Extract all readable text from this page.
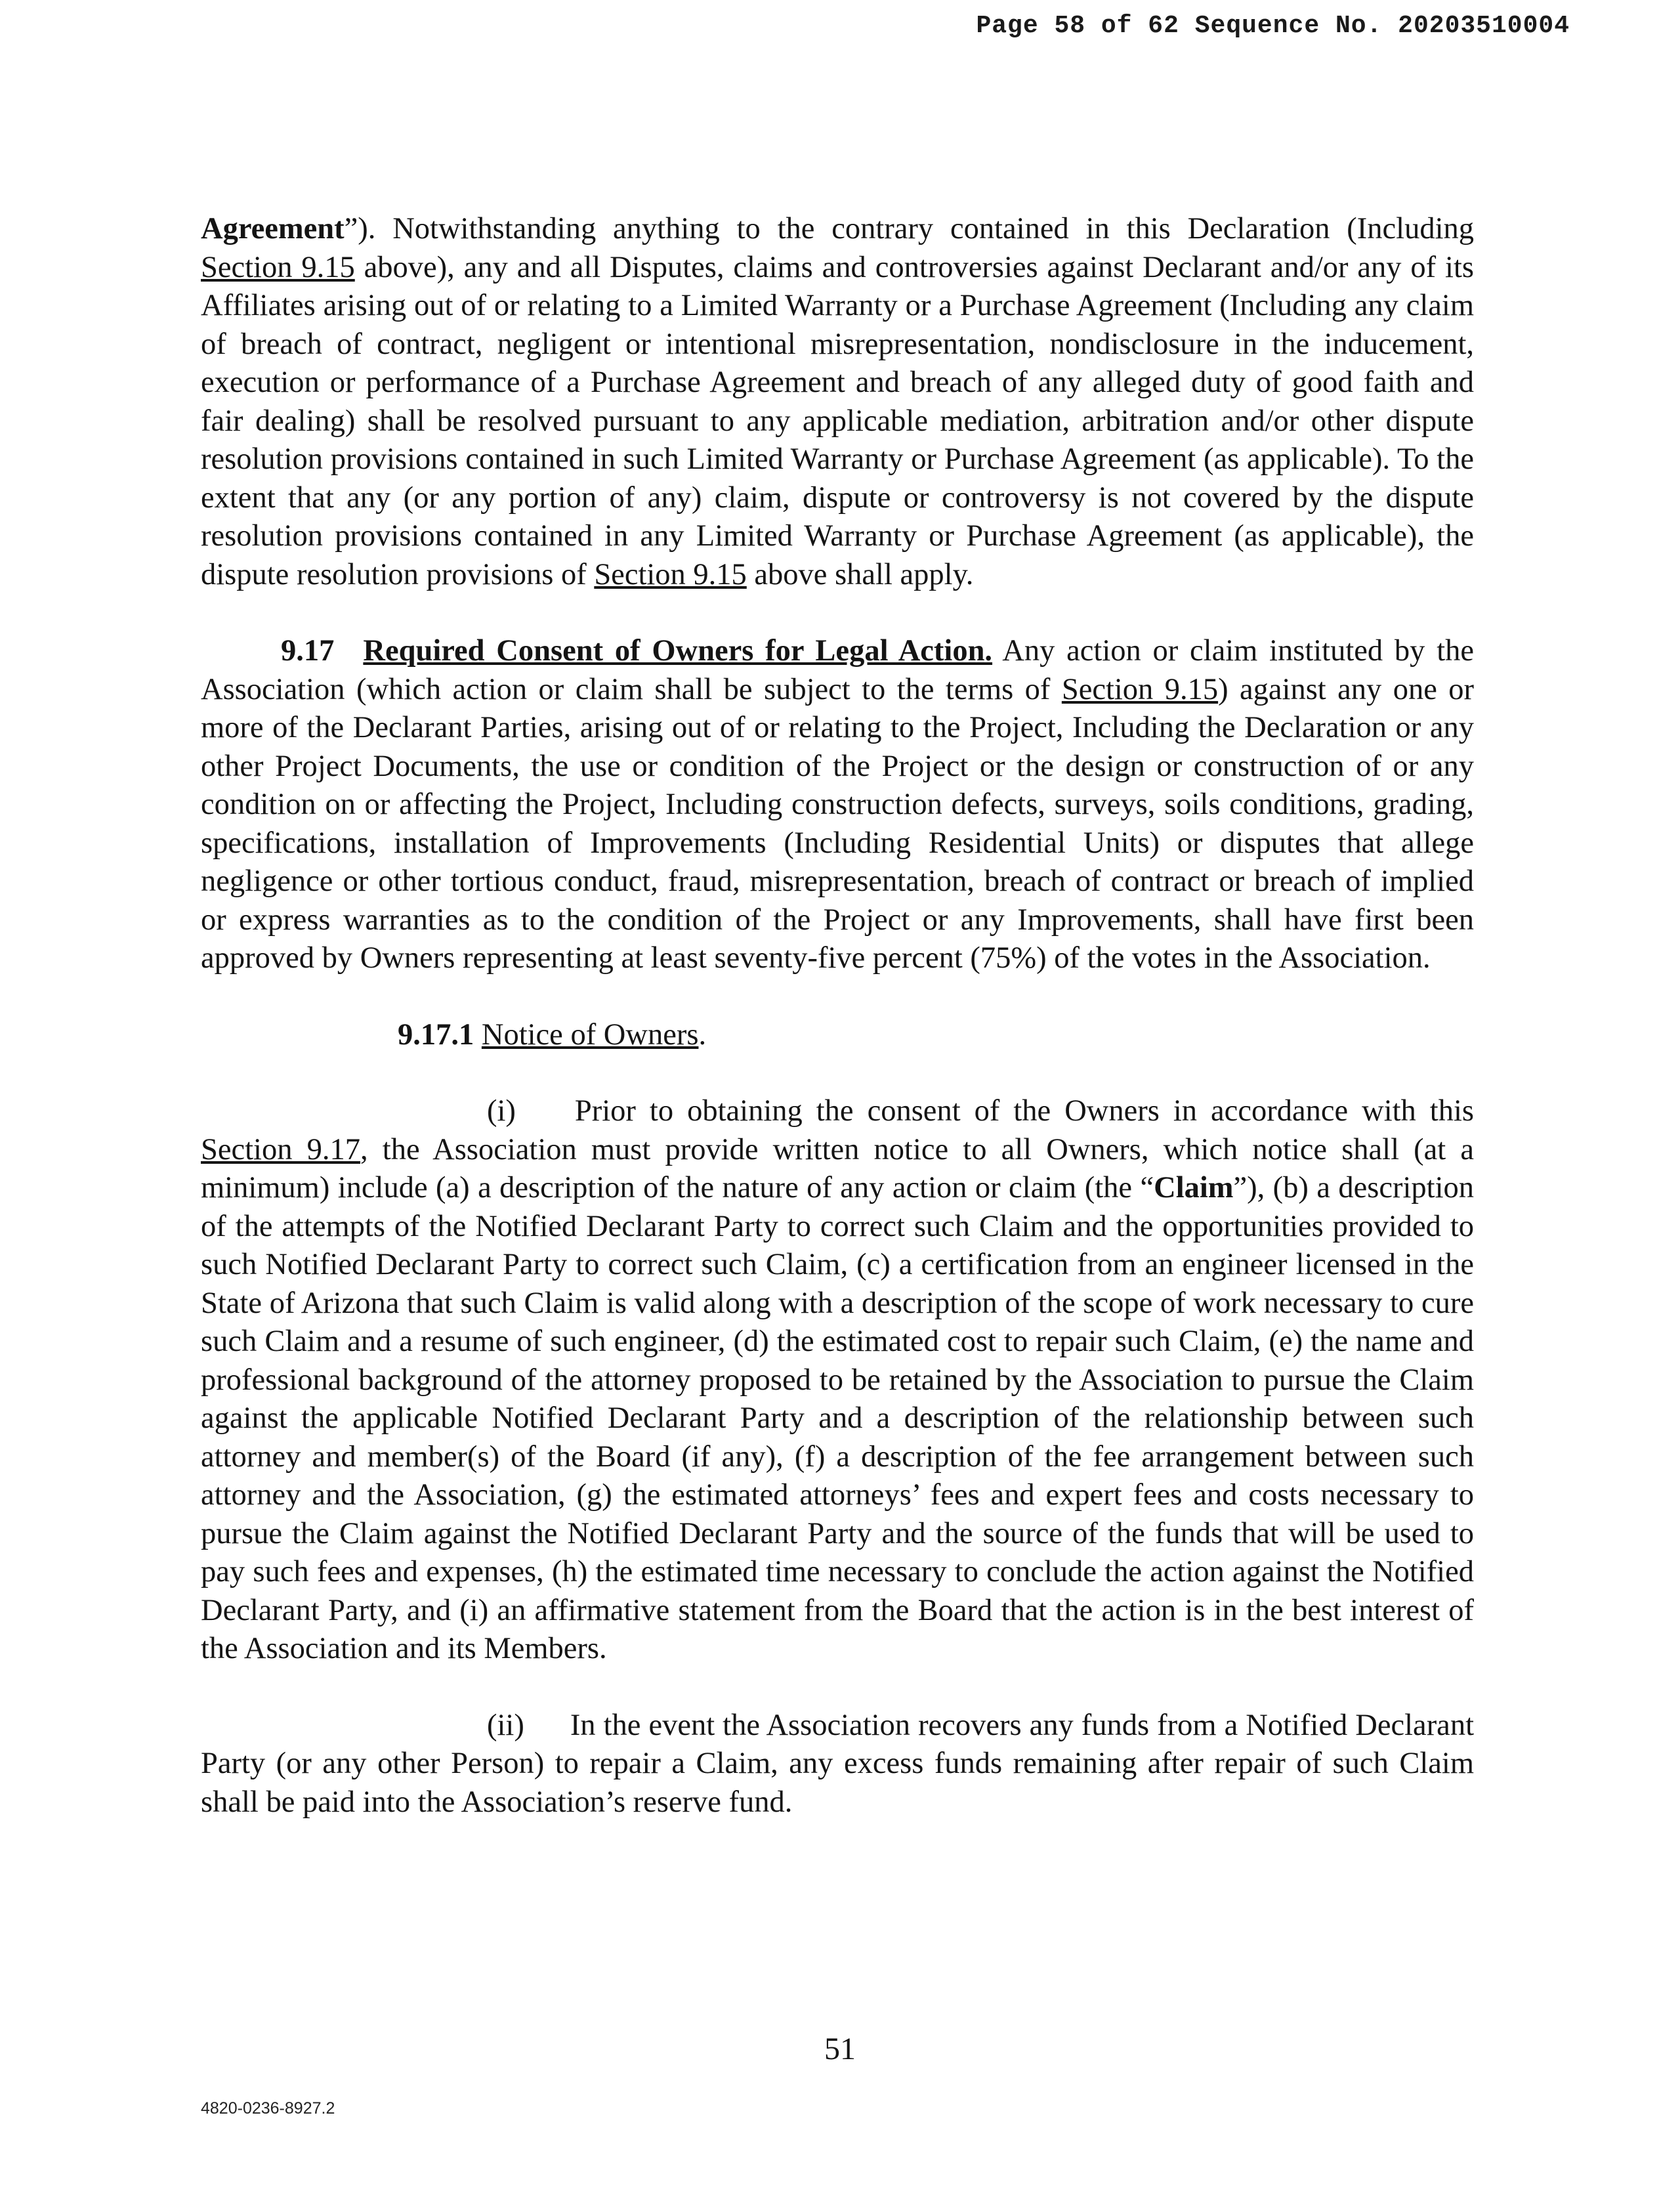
Page 58 of 62 Sequence No. 20203510004

Agreement”). Notwithstanding anything to the contrary contained in this Declaration (Including Section 9.15 above), any and all Disputes, claims and controversies against Declarant and/or any of its Affiliates arising out of or relating to a Limited Warranty or a Purchase Agreement (Including any claim of breach of contract, negligent or intentional misrepresentation, nondisclosure in the inducement, execution or performance of a Purchase Agreement and breach of any alleged duty of good faith and fair dealing) shall be resolved pursuant to any applicable mediation, arbitration and/or other dispute resolution provisions contained in such Limited Warranty or Purchase Agreement (as applicable). To the extent that any (or any portion of any) claim, dispute or controversy is not covered by the dispute resolution provisions contained in any Limited Warranty or Purchase Agreement (as applicable), the dispute resolution provisions of Section 9.15 above shall apply.

9.17 Required Consent of Owners for Legal Action. Any action or claim instituted by the Association (which action or claim shall be subject to the terms of Section 9.15) against any one or more of the Declarant Parties, arising out of or relating to the Project, Including the Declaration or any other Project Documents, the use or condition of the Project or the design or construction of or any condition on or affecting the Project, Including construction defects, surveys, soils conditions, grading, specifications, installation of Improvements (Including Residential Units) or disputes that allege negligence or other tortious conduct, fraud, misrepresentation, breach of contract or breach of implied or express warranties as to the condition of the Project or any Improvements, shall have first been approved by Owners representing at least seventy-five percent (75%) of the votes in the Association.

9.17.1 Notice of Owners.

(i) Prior to obtaining the consent of the Owners in accordance with this Section 9.17, the Association must provide written notice to all Owners, which notice shall (at a minimum) include (a) a description of the nature of any action or claim (the “Claim”), (b) a description of the attempts of the Notified Declarant Party to correct such Claim and the opportunities provided to such Notified Declarant Party to correct such Claim, (c) a certification from an engineer licensed in the State of Arizona that such Claim is valid along with a description of the scope of work necessary to cure such Claim and a resume of such engineer, (d) the estimated cost to repair such Claim, (e) the name and professional background of the attorney proposed to be retained by the Association to pursue the Claim against the applicable Notified Declarant Party and a description of the relationship between such attorney and member(s) of the Board (if any), (f) a description of the fee arrangement between such attorney and the Association, (g) the estimated attorneys’ fees and expert fees and costs necessary to pursue the Claim against the Notified Declarant Party and the source of the funds that will be used to pay such fees and expenses, (h) the estimated time necessary to conclude the action against the Notified Declarant Party, and (i) an affirmative statement from the Board that the action is in the best interest of the Association and its Members.

(ii) In the event the Association recovers any funds from a Notified Declarant Party (or any other Person) to repair a Claim, any excess funds remaining after repair of such Claim shall be paid into the Association’s reserve fund.

51
4820-0236-8927.2
